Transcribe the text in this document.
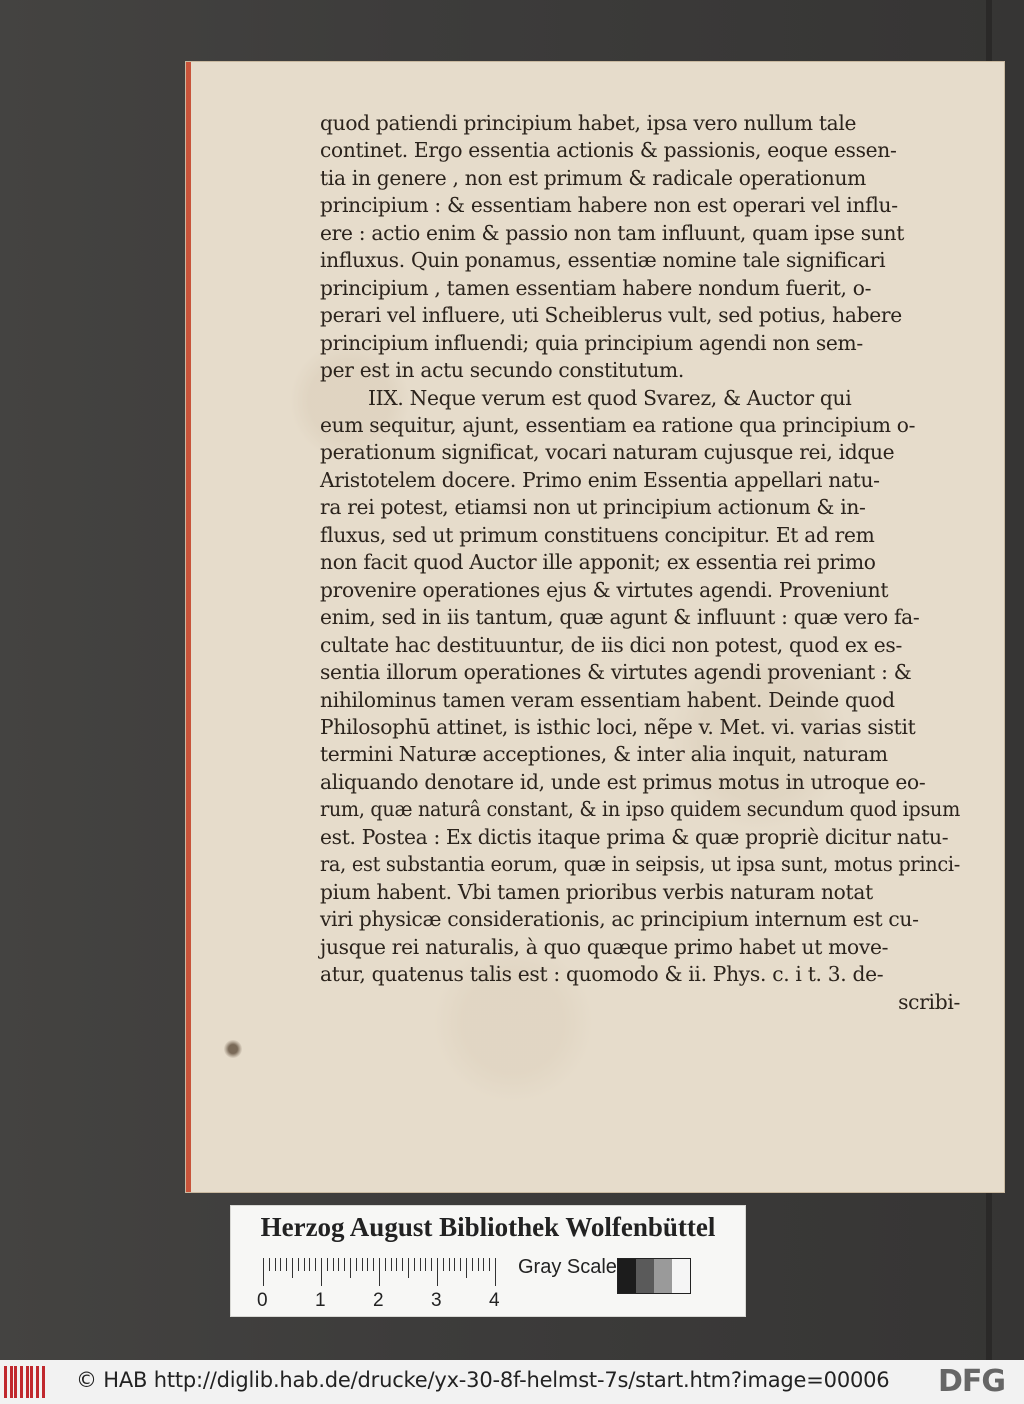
quod patiendi principium habet, ipsa vero nullum tale
continet. Ergo essentia actionis & passionis, eoque essen-
tia in genere , non est primum & radicale operationum
principium : & essentiam habere non est operari vel influ-
ere : actio enim & passio non tam influunt, quam ipse sunt
influxus. Quin ponamus, essentiæ nomine tale significari
principium , tamen essentiam habere nondum fuerit, o-
perari vel influere, uti Scheiblerus vult, sed potius, habere
principium influendi; quia principium agendi non sem-
per est in actu secundo constitutum.
IIX. Neque verum est quod Svarez, & Auctor qui
eum sequitur, ajunt, essentiam ea ratione qua principium o-
perationum significat, vocari naturam cujusque rei, idque
Aristotelem docere. Primo enim Essentia appellari natu-
ra rei potest, etiamsi non ut principium actionum & in-
fluxus, sed ut primum constituens concipitur. Et ad rem
non facit quod Auctor ille apponit; ex essentia rei primo
provenire operationes ejus & virtutes agendi. Proveniunt
enim, sed in iis tantum, quæ agunt & influunt : quæ vero fa-
cultate hac destituuntur, de iis dici non potest, quod ex es-
sentia illorum operationes & virtutes agendi proveniant : &
nihilominus tamen veram essentiam habent. Deinde quod
Philosophū attinet, is isthic loci, nẽpe v. Met. vi. varias sistit
termini Naturæ acceptiones, & inter alia inquit, naturam
aliquando denotare id, unde est primus motus in utroque eo-
rum, quæ naturâ constant, & in ipso quidem secundum quod ipsum
est. Postea : Ex dictis itaque prima & quæ propriè dicitur natu-
ra, est substantia eorum, quæ in seipsis, ut ipsa sunt, motus princi-
pium habent. Vbi tamen prioribus verbis naturam notat
viri physicæ considerationis, ac principium internum est cu-
jusque rei naturalis, à quo quæque primo habet ut move-
atur, quatenus talis est : quomodo & ii. Phys. c. i t. 3. de-
scribi-
Herzog August Bibliothek Wolfenbüttel
0 1 2 3 4
Gray Scale
© HAB http://diglib.hab.de/drucke/yx-30-8f-helmst-7s/start.htm?image=00006 DFG
